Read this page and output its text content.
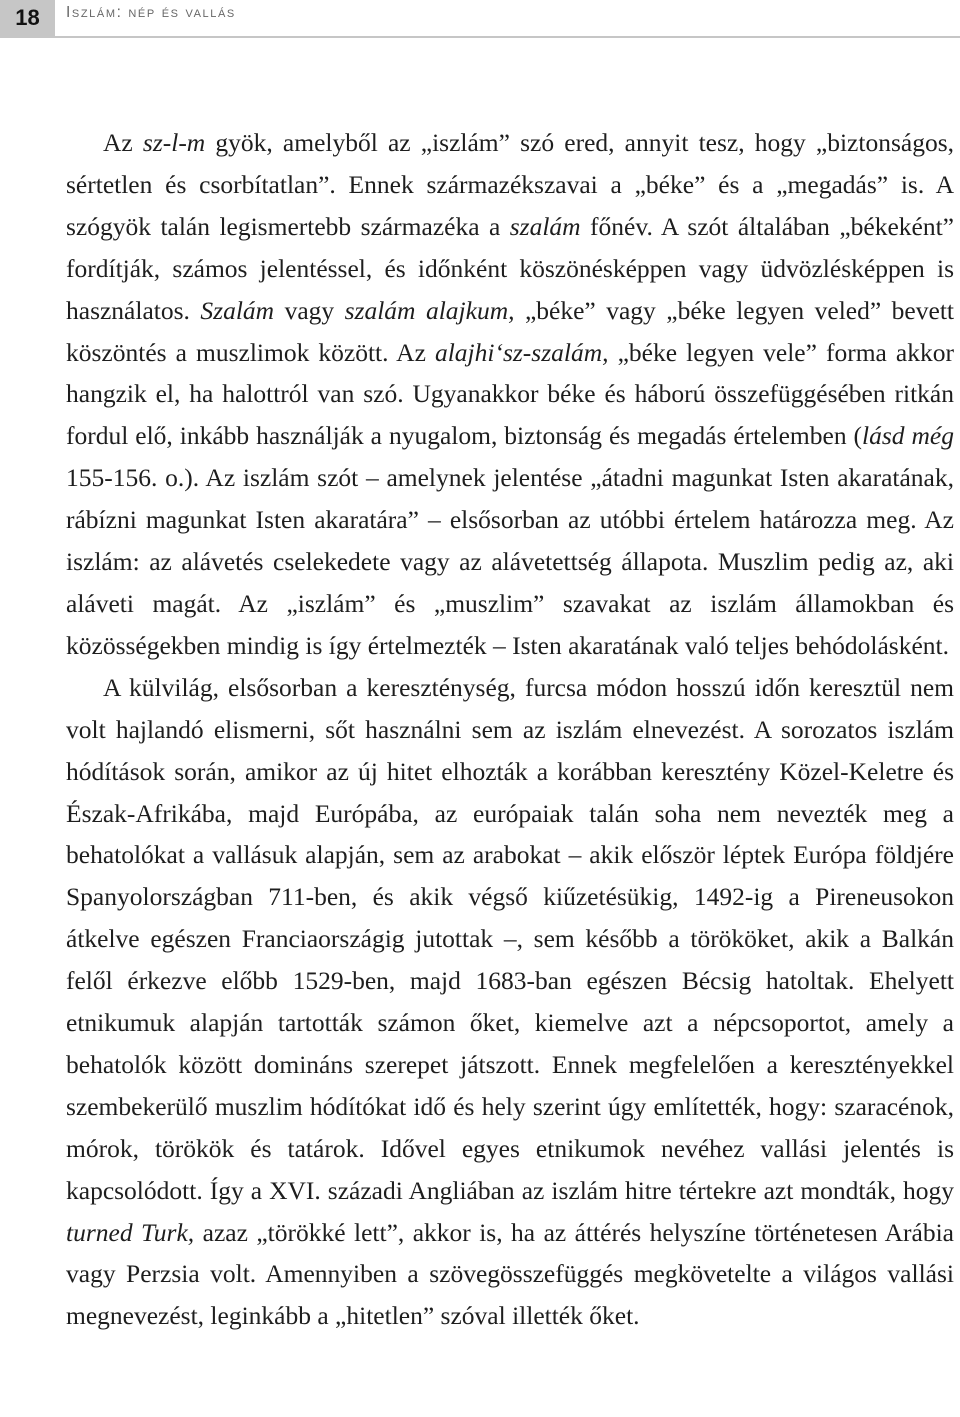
18	Iszlám: nép és vallás

Az sz-l-m gyök, amelyből az „iszlám” szó ered, annyit tesz, hogy „biztonságos, sértetlen és csorbítatlan”. Ennek származékszavai a „béke” és a „megadás” is. A szógyök talán legismertebb származéka a szalám főnév. A szót általában „békeként” fordítják, számos jelentéssel, és időnként köszönésképpen vagy üdvözlésképpen is használatos. Szalám vagy szalám alajkum, „béke” vagy „béke legyen veled” bevett köszöntés a muszlimok között. Az alajhi‘sz-szalám, „béke legyen vele” forma akkor hangzik el, ha halottról van szó. Ugyanakkor béke és háború összefüggésében ritkán fordul elő, inkább használják a nyugalom, biztonság és megadás értelemben (lásd még 155-156. o.). Az iszlám szót – amelynek jelentése „átadni magunkat Isten akaratának, rábízni magunkat Isten akaratára” – elsősorban az utóbbi értelem határozza meg. Az iszlám: az alávetés cselekedete vagy az alávetettség állapota. Muszlim pedig az, aki aláveti magát. Az „iszlám” és „muszlim” szavakat az iszlám államokban és közösségekben mindig is így értelmezték – Isten akaratának való teljes behódolásként.

A külvilág, elsősorban a kereszténység, furcsa módon hosszú időn keresztül nem volt hajlandó elismerni, sőt használni sem az iszlám elnevezést. A sorozatos iszlám hódítások során, amikor az új hitet elhozták a korábban keresztény Közel-Keletre és Észak-Afrikába, majd Európába, az európaiak talán soha nem nevezték meg a behatolókat a vallásuk alapján, sem az arabokat – akik először léptek Európa földjére Spanyolországban 711-ben, és akik végső kiűzetésükig, 1492-ig a Pireneusokon átkelve egészen Franciaországig jutottak –, sem később a törököket, akik a Balkán felől érkezve előbb 1529-ben, majd 1683-ban egészen Bécsig hatoltak. Ehelyett etnikumuk alapján tartották számon őket, kiemelve azt a népcsoportot, amely a behatolók között domináns szerepet játszott. Ennek megfelelően a keresztényekkel szembekerülő muszlim hódítókat idő és hely szerint úgy említették, hogy: szaracénok, mórok, törökök és tatárok. Idővel egyes etnikumok nevéhez vallási jelentés is kapcsolódott. Így a XVI. századi Angliában az iszlám hitre tértekre azt mondták, hogy turned Turk, azaz „törökké lett”, akkor is, ha az áttérés helyszíne történetesen Arábia vagy Perzsia volt. Amennyiben a szövegösszefüggés megkövetelte a világos vallási megnevezést, leginkább a „hitetlen” szóval illették őket.
